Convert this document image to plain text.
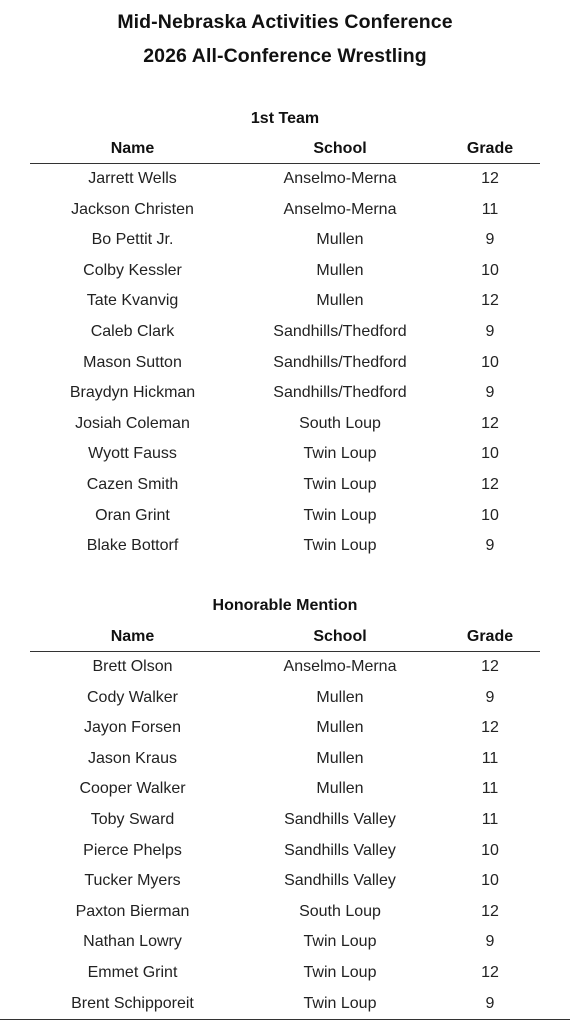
Mid-Nebraska Activities Conference
2026 All-Conference Wrestling
1st Team
Name	School	Grade
Jarrett Wells	Anselmo-Merna	12
Jackson Christen	Anselmo-Merna	11
Bo Pettit Jr.	Mullen	9
Colby Kessler	Mullen	10
Tate Kvanvig	Mullen	12
Caleb Clark	Sandhills/Thedford	9
Mason Sutton	Sandhills/Thedford	10
Braydyn Hickman	Sandhills/Thedford	9
Josiah Coleman	South Loup	12
Wyott Fauss	Twin Loup	10
Cazen Smith	Twin Loup	12
Oran Grint	Twin Loup	10
Blake Bottorf	Twin Loup	9
Honorable Mention
Name	School	Grade
Brett Olson	Anselmo-Merna	12
Cody Walker	Mullen	9
Jayon Forsen	Mullen	12
Jason Kraus	Mullen	11
Cooper Walker	Mullen	11
Toby Sward	Sandhills Valley	11
Pierce Phelps	Sandhills Valley	10
Tucker Myers	Sandhills Valley	10
Paxton Bierman	South Loup	12
Nathan Lowry	Twin Loup	9
Emmet Grint	Twin Loup	12
Brent Schipporeit	Twin Loup	9
